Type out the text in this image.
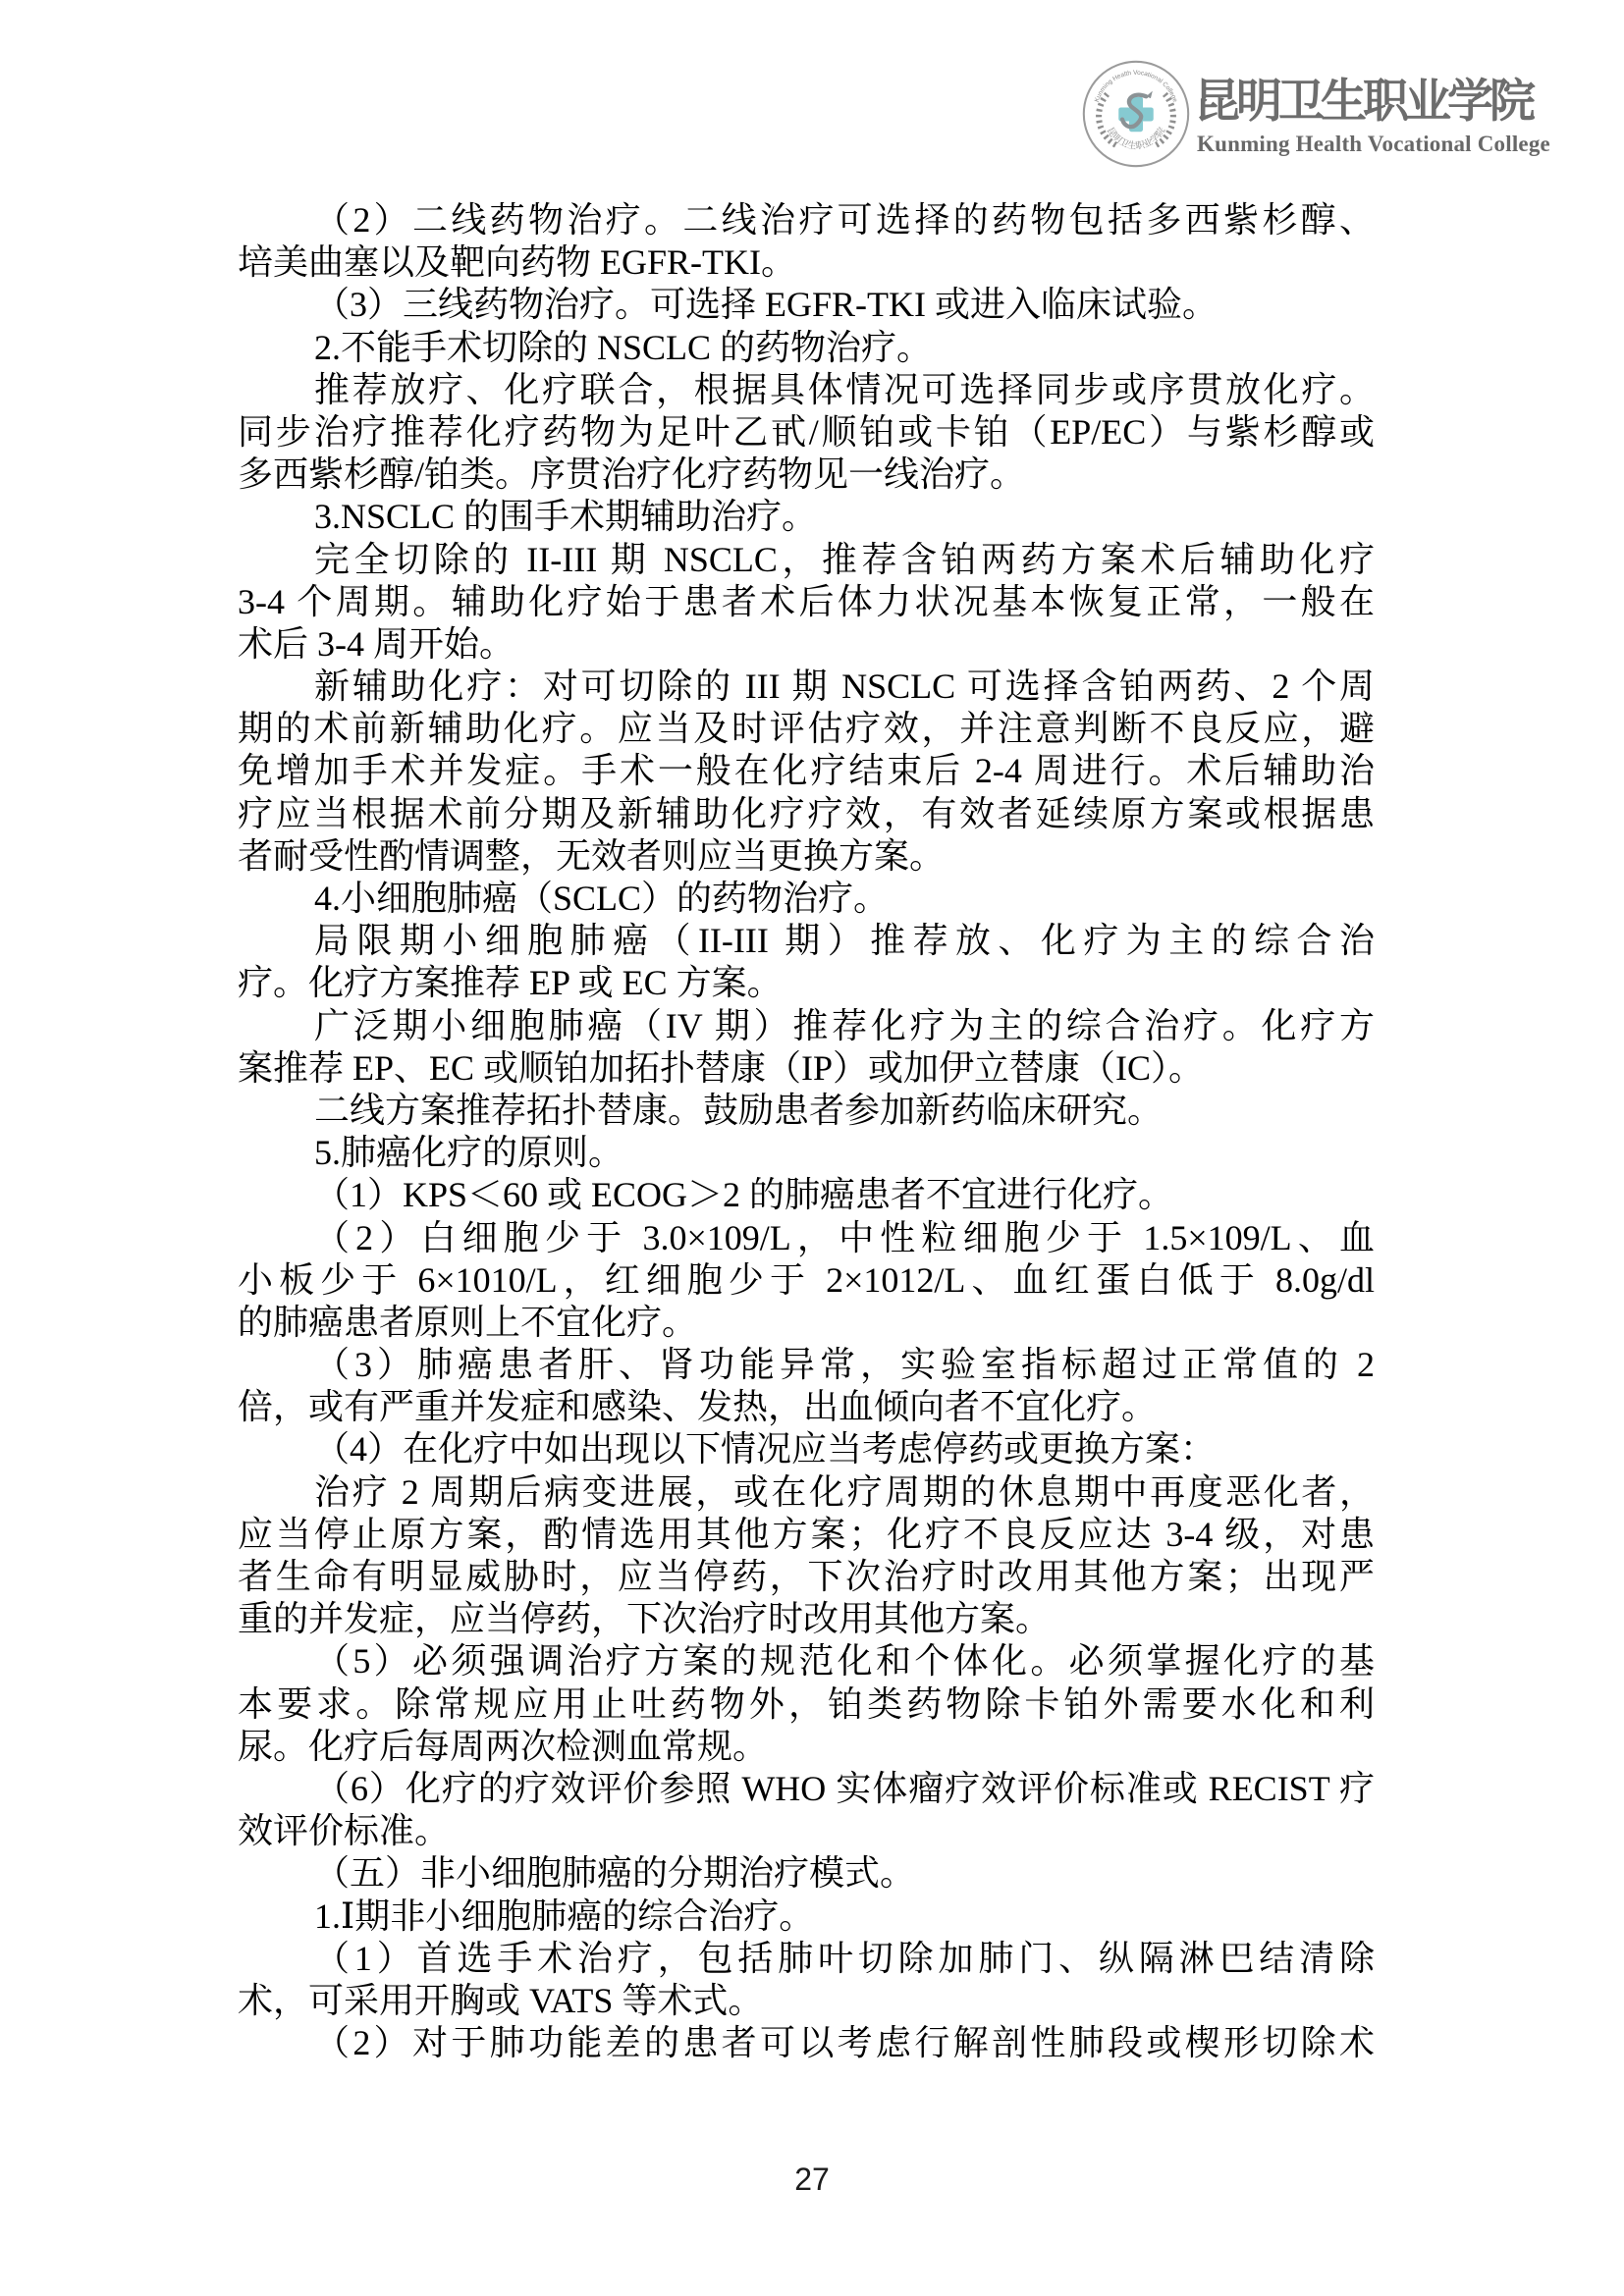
Kunming Health Vocational College
昆明卫生职业学院
昆明卫生职业学院
Kunming Health Vocational College
（2）二线药物治疗。二线治疗可选择的药物包括多西紫杉醇、
培美曲塞以及靶向药物 EGFR-TKI。
（3）三线药物治疗。可选择 EGFR-TKI 或进入临床试验。
2.不能手术切除的 NSCLC 的药物治疗。
推荐放疗、化疗联合，根据具体情况可选择同步或序贯放化疗。
同步治疗推荐化疗药物为足叶乙甙/顺铂或卡铂（EP/EC）与紫杉醇或
多西紫杉醇/铂类。序贯治疗化疗药物见一线治疗。
3.NSCLC 的围手术期辅助治疗。
完全切除的 II-III 期 NSCLC，推荐含铂两药方案术后辅助化疗
3-4 个周期。辅助化疗始于患者术后体力状况基本恢复正常，一般在
术后 3-4 周开始。
新辅助化疗：对可切除的 III 期 NSCLC 可选择含铂两药、2 个周
期的术前新辅助化疗。应当及时评估疗效，并注意判断不良反应，避
免增加手术并发症。手术一般在化疗结束后 2-4 周进行。术后辅助治
疗应当根据术前分期及新辅助化疗疗效，有效者延续原方案或根据患
者耐受性酌情调整，无效者则应当更换方案。
4.小细胞肺癌（SCLC）的药物治疗。
局限期小细胞肺癌（II-III 期）推荐放、化疗为主的综合治
疗。化疗方案推荐 EP 或 EC 方案。
广泛期小细胞肺癌（IV 期）推荐化疗为主的综合治疗。化疗方
案推荐 EP、EC 或顺铂加拓扑替康（IP）或加伊立替康（IC）。
二线方案推荐拓扑替康。鼓励患者参加新药临床研究。
5.肺癌化疗的原则。
（1）KPS＜60 或 ECOG＞2 的肺癌患者不宜进行化疗。
（2）白细胞少于 3.0×109/L，中性粒细胞少于 1.5×109/L、血
小板少于 6×1010/L，红细胞少于 2×1012/L、血红蛋白低于 8.0g/dl
的肺癌患者原则上不宜化疗。
（3）肺癌患者肝、肾功能异常，实验室指标超过正常值的 2
倍，或有严重并发症和感染、发热，出血倾向者不宜化疗。
（4）在化疗中如出现以下情况应当考虑停药或更换方案：
治疗 2 周期后病变进展，或在化疗周期的休息期中再度恶化者，
应当停止原方案，酌情选用其他方案；化疗不良反应达 3-4 级，对患
者生命有明显威胁时，应当停药，下次治疗时改用其他方案；出现严
重的并发症，应当停药，下次治疗时改用其他方案。
（5）必须强调治疗方案的规范化和个体化。必须掌握化疗的基
本要求。除常规应用止吐药物外，铂类药物除卡铂外需要水化和利
尿。化疗后每周两次检测血常规。
（6）化疗的疗效评价参照 WHO 实体瘤疗效评价标准或 RECIST 疗
效评价标准。
（五）非小细胞肺癌的分期治疗模式。
1.Ⅰ期非小细胞肺癌的综合治疗。
（1）首选手术治疗，包括肺叶切除加肺门、纵隔淋巴结清除
术，可采用开胸或 VATS 等术式。
（2）对于肺功能差的患者可以考虑行解剖性肺段或楔形切除术
27
